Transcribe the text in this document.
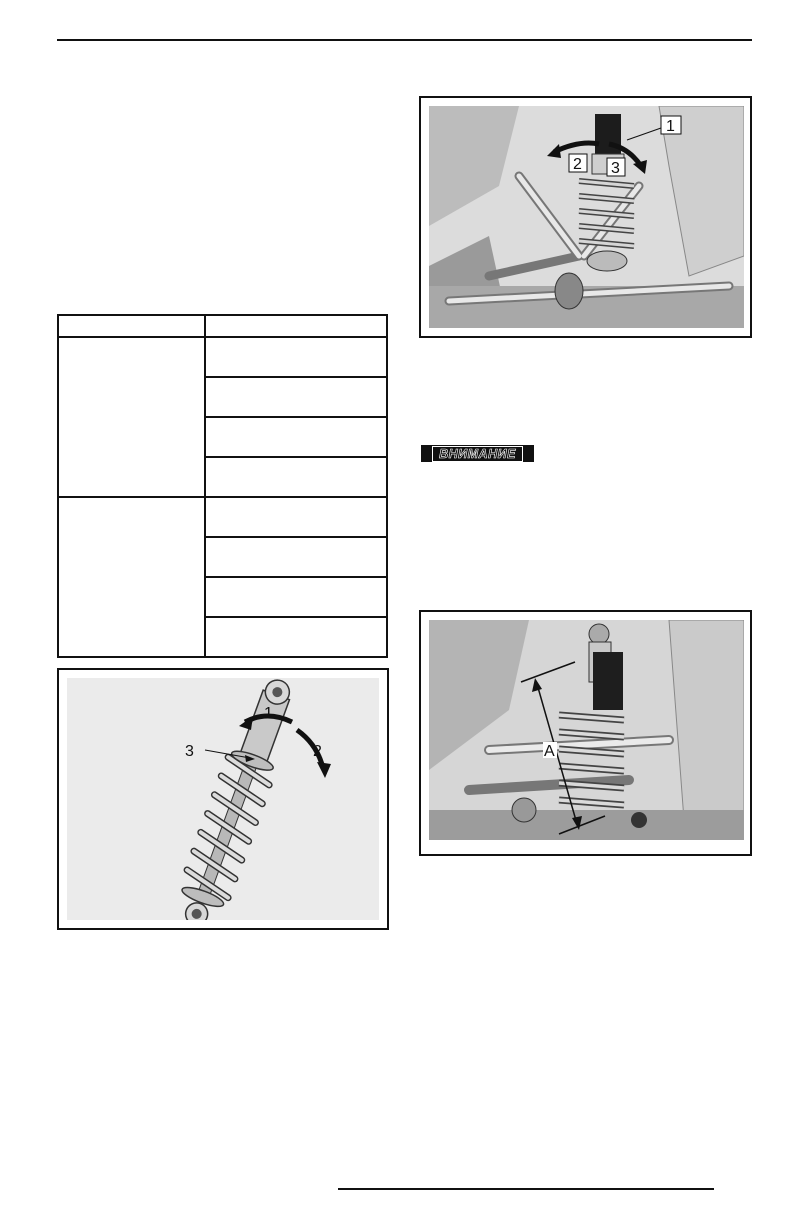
1
2
3
1
2 3
ВНИМАНИЕ
A
